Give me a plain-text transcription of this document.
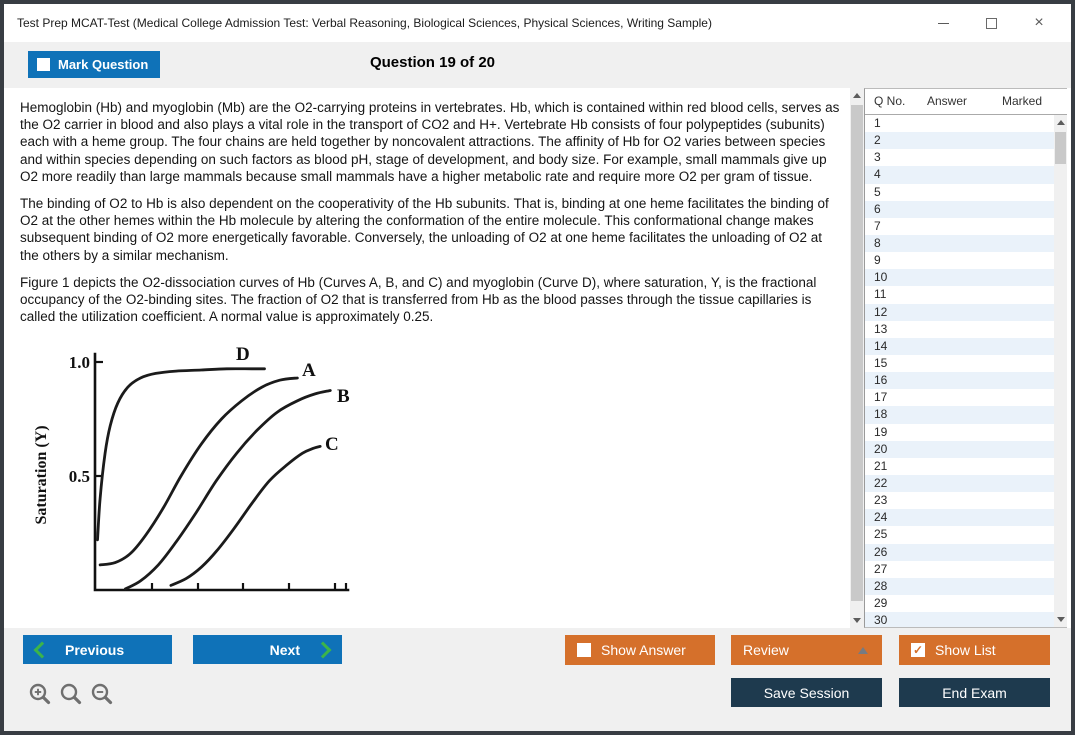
Test Prep MCAT-Test (Medical College Admission Test: Verbal Reasoning, Biological Sciences, Physical Sciences, Writing Sample)	×
Mark Question	Question 19 of 20

Hemoglobin (Hb) and myoglobin (Mb) are the O2-carrying proteins in vertebrates. Hb, which is contained within red blood cells, serves as the O2 carrier in blood and also plays a vital role in the transport of CO2 and H+. Vertebrate Hb consists of four polypeptides (subunits) each with a heme group. The four chains are held together by noncovalent attractions. The affinity of Hb for O2 varies between species and within species depending on such factors as blood pH, stage of development, and body size. For example, small mammals give up O2 more readily than large mammals because small mammals have a higher metabolic rate and require more O2 per gram of tissue.

The binding of O2 to Hb is also dependent on the cooperativity of the Hb subunits. That is, binding at one heme facilitates the binding of O2 at the other hemes within the Hb molecule by altering the conformation of the entire molecule. This conformational change makes subsequent binding of O2 more energetically favorable. Conversely, the unloading of O2 at one heme facilitates the unloading of O2 at the others by a similar mechanism.

Figure 1 depicts the O2-dissociation curves of Hb (Curves A, B, and C) and myoglobin (Curve D), where saturation, Y, is the fractional occupancy of the O2-binding sites. The fraction of O2 that is transferred from Hb as the blood passes through the tissue capillaries is called the utilization coefficient. A normal value is approximately 0.25.

1.0
0.5
Saturation (Y)
D
A
B
C
Q No. Answer	Marked
1
2
3
4
5
6
7
8
9
10
11
12
13
14
15
16
17
18
19
20
21
22
23
24
25
26
27
28
29
30
Previous	Next	Show Answer	Review	✓ Show List
Save Session	End Exam
